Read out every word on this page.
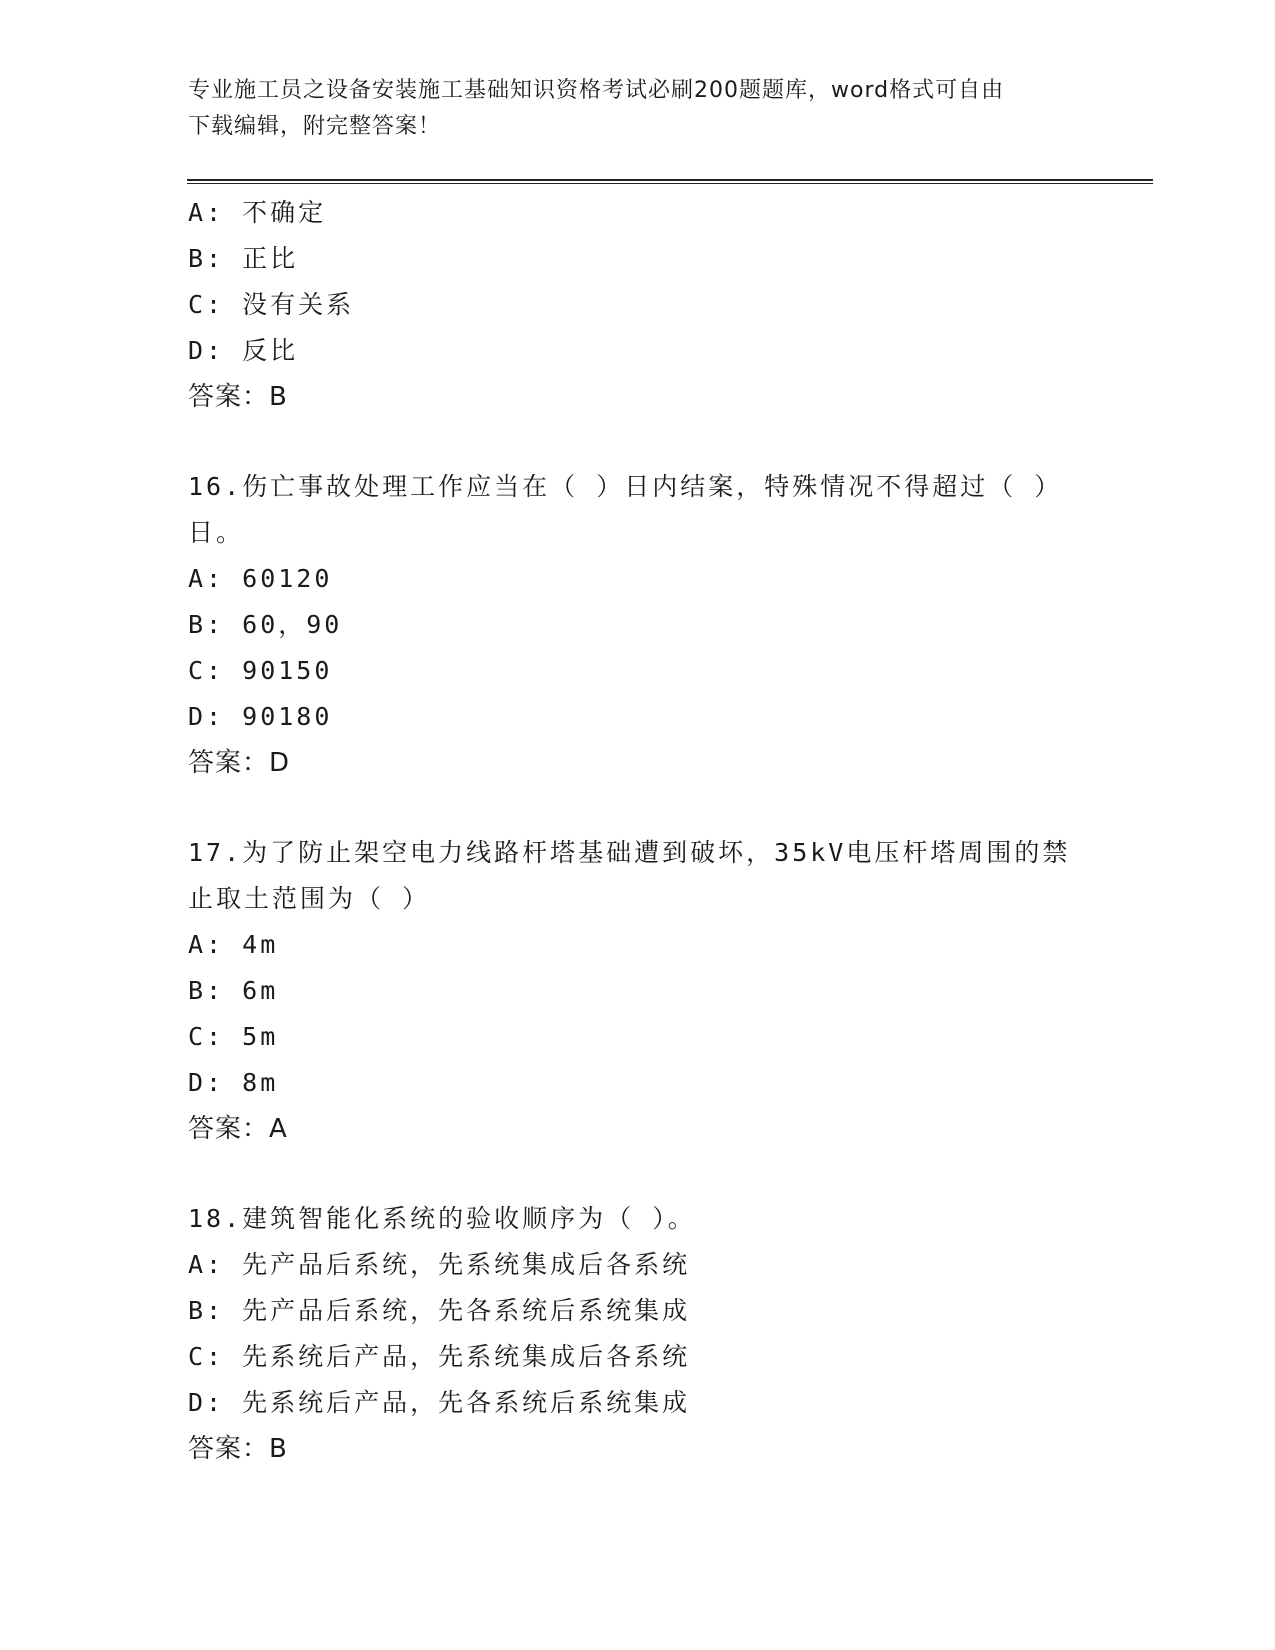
专业施工员之设备安装施工基础知识资格考试必刷200题题库，word格式可自由
下载编辑，附完整答案！
A: 不确定
B: 正比
C: 没有关系
D: 反比
答案：B
16.伤亡事故处理工作应当在（ ）日内结案，特殊情况不得超过（ ）
日。
A: 60120
B: 60，90
C: 90150
D: 90180
答案：D
17.为了防止架空电力线路杆塔基础遭到破坏，35kV电压杆塔周围的禁
止取土范围为（ ）
A: 4m
B: 6m
C: 5m
D: 8m
答案：A
18.建筑智能化系统的验收顺序为（ ）。
A: 先产品后系统，先系统集成后各系统
B: 先产品后系统，先各系统后系统集成
C: 先系统后产品，先系统集成后各系统
D: 先系统后产品，先各系统后系统集成
答案：B
